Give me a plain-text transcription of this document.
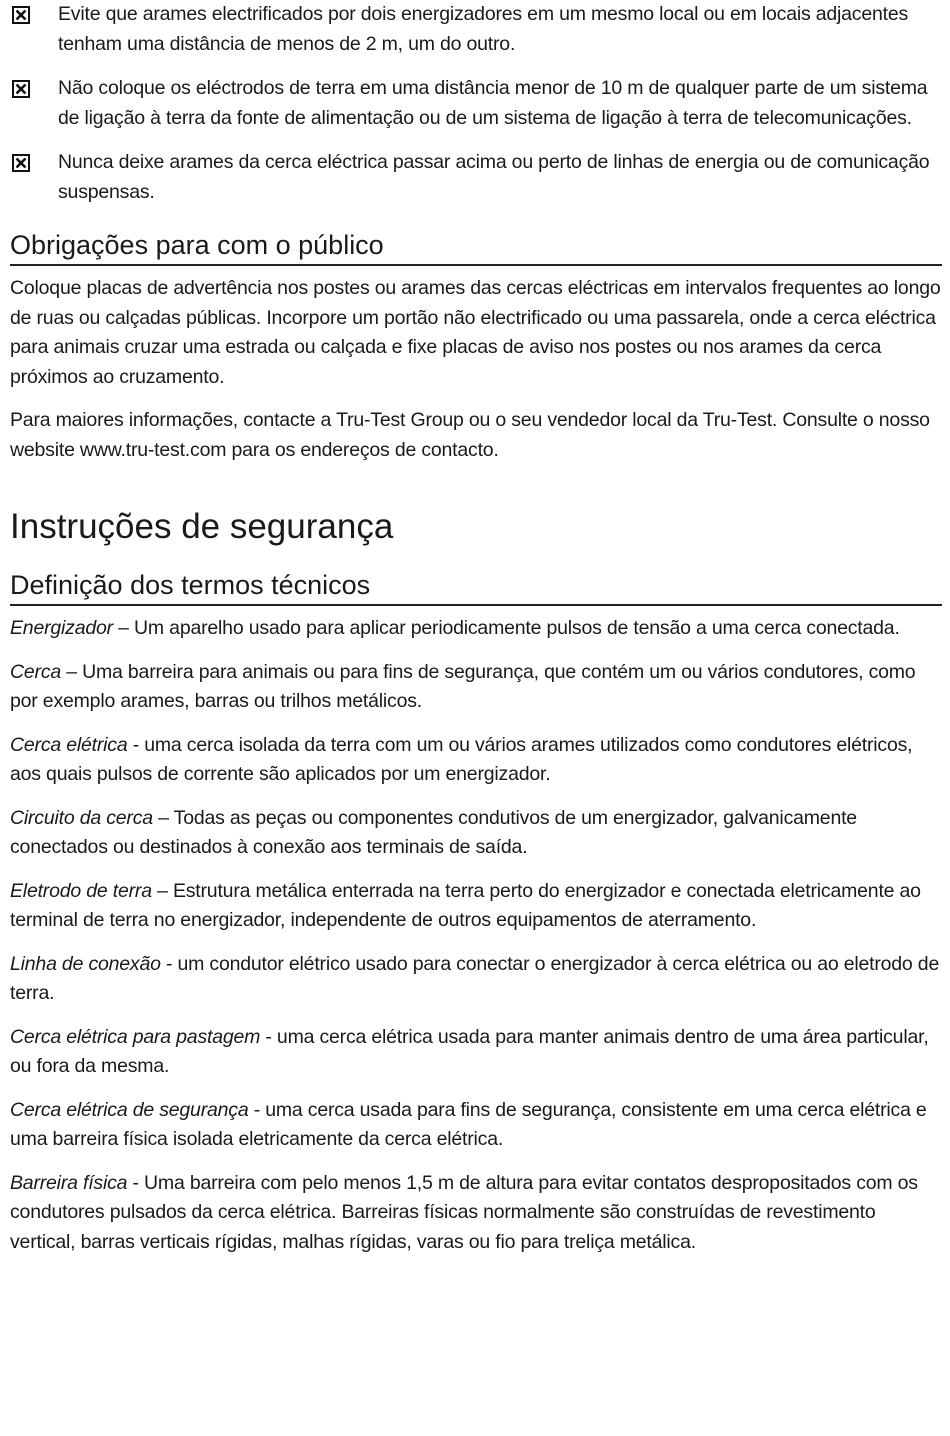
Evite que arames electrificados por dois energizadores em um mesmo local ou em locais adjacentes tenham uma distância de menos de 2 m, um do outro.
Não coloque os eléctrodos de terra em uma distância menor de 10 m de qualquer parte de um sistema de ligação à terra da fonte de alimentação ou de um sistema de ligação à terra de telecomunicações.
Nunca deixe arames da cerca eléctrica passar acima ou perto de linhas de energia ou de comunicação suspensas.
Obrigações para com o público

Coloque placas de advertência nos postes ou arames das cercas eléctricas em intervalos frequentes ao longo de ruas ou calçadas públicas. Incorpore um portão não electrificado ou uma passarela, onde a cerca eléctrica para animais cruzar uma estrada ou calçada e fixe placas de aviso nos postes ou nos arames da cerca próximos ao cruzamento.

Para maiores informações, contacte a Tru-Test Group ou o seu vendedor local da Tru-Test. Consulte o nosso website www.tru-test.com para os endereços de contacto.

Instruções de segurança
Definição dos termos técnicos

Energizador – Um aparelho usado para aplicar periodicamente pulsos de tensão a uma cerca conectada.

Cerca – Uma barreira para animais ou para fins de segurança, que contém um ou vários condutores, como por exemplo arames, barras ou trilhos metálicos.

Cerca elétrica - uma cerca isolada da terra com um ou vários arames utilizados como condutores elétricos, aos quais pulsos de corrente são aplicados por um energizador.

Circuito da cerca – Todas as peças ou componentes condutivos de um energizador, galvanicamente conectados ou destinados à conexão aos terminais de saída.

Eletrodo de terra – Estrutura metálica enterrada na terra perto do energizador e conectada eletricamente ao terminal de terra no energizador, independente de outros equipamentos de aterramento.

Linha de conexão - um condutor elétrico usado para conectar o energizador à cerca elétrica ou ao eletrodo de terra.

Cerca elétrica para pastagem - uma cerca elétrica usada para manter animais dentro de uma área particular, ou fora da mesma.

Cerca elétrica de segurança - uma cerca usada para fins de segurança, consistente em uma cerca elétrica e uma barreira física isolada eletricamente da cerca elétrica.

Barreira física - Uma barreira com pelo menos 1,5 m de altura para evitar contatos despropositados com os condutores pulsados da cerca elétrica. Barreiras físicas normalmente são construídas de revestimento vertical, barras verticais rígidas, malhas rígidas, varas ou fio para treliça metálica.
